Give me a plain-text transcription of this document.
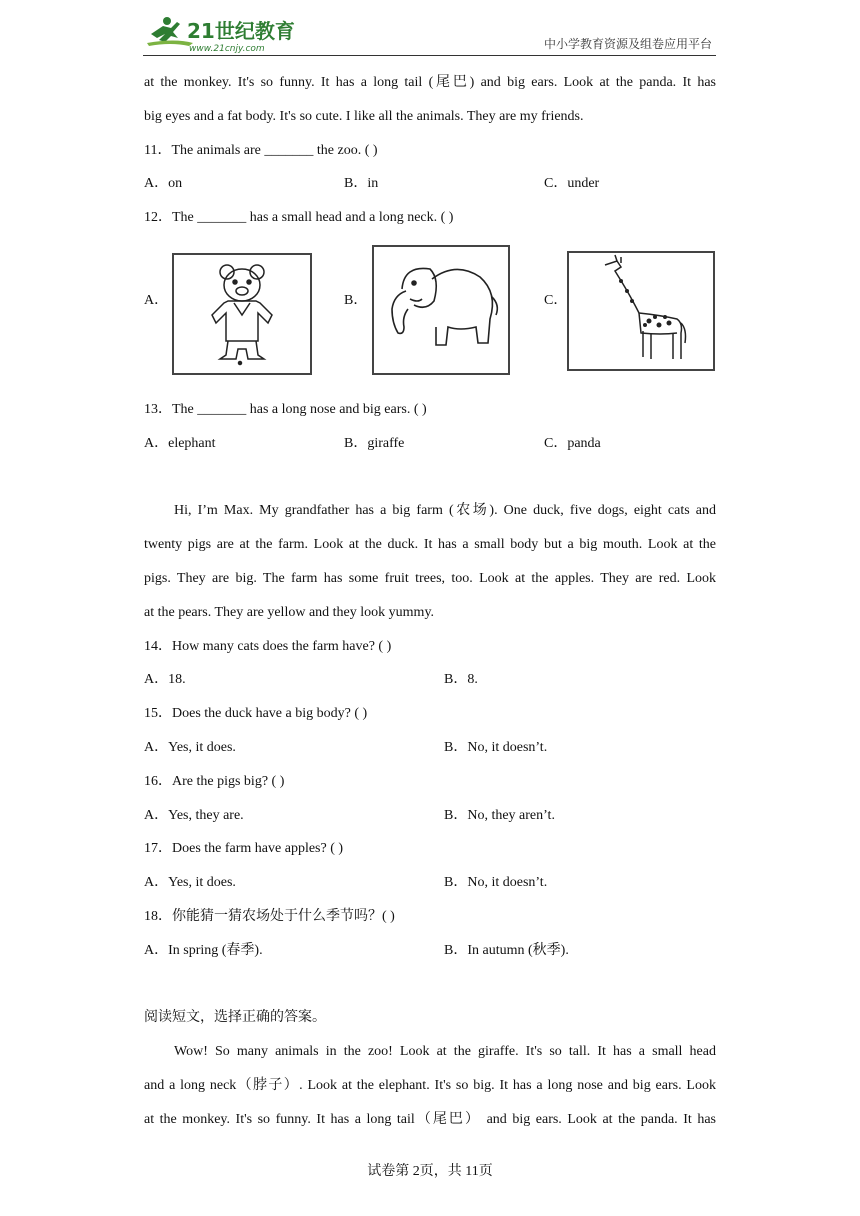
21世纪教育
www.21cnjy.com	中小学教育资源及组卷应用平台
at the monkey. It's so funny. It has a long tail (尾巴) and big ears. Look at the panda. It has
big eyes and a fat body. It's so cute. I like all the animals. They are my friends.
11．The animals are _______ the zoo. ( )
A．on	B．in	C．under
12．The _______ has a small head and a long neck. ( )
A．	B．	C．
13．The _______ has a long nose and big ears. ( )
A．elephant	B．giraffe	C．panda
Hi, I’m Max. My grandfather has a big farm (农场). One duck, five dogs, eight cats and
twenty pigs are at the farm. Look at the duck. It has a small body but a big mouth. Look at the
pigs. They are big. The farm has some fruit trees, too. Look at the apples. They are red. Look
at the pears. They are yellow and they look yummy.
14．How many cats does the farm have? ( )
A．18.	B．8.
15．Does the duck have a big body? ( )
A．Yes, it does.	B．No, it doesn’t.
16．Are the pigs big? ( )
A．Yes, they are.	B．No, they aren’t.
17．Does the farm have apples? ( )
A．Yes, it does.	B．No, it doesn’t.
18．你能猜一猜农场处于什么季节吗？( )
A．In spring (春季).	B．In autumn (秋季).
阅读短文，选择正确的答案。
Wow! So many animals in the zoo! Look at the giraffe. It's so tall. It has a small head
and a long neck（脖子）. Look at the elephant. It's so big. It has a long nose and big ears. Look
at the monkey. It's so funny. It has a long tail（尾巴） and big ears. Look at the panda. It has
试卷第 2页，共 11页
